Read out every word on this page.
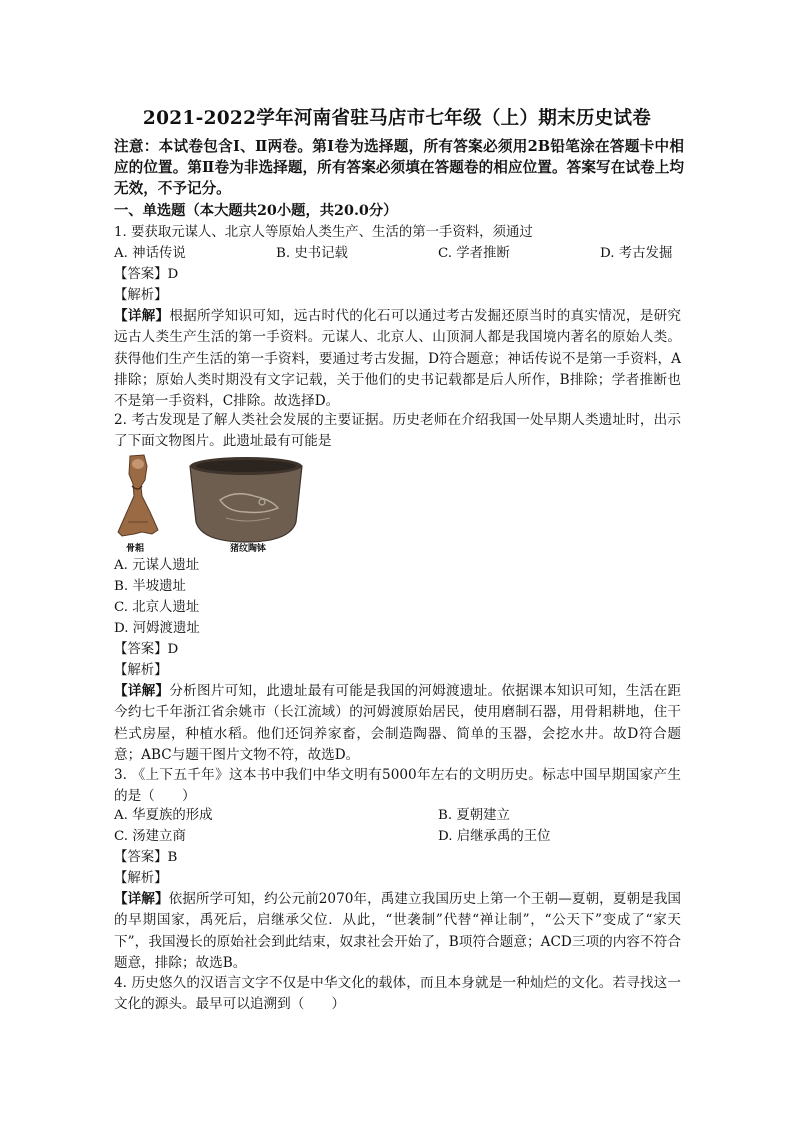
2021-2022学年河南省驻马店市七年级（上）期末历史试卷
注意：本试卷包含Ⅰ、Ⅱ两卷。第Ⅰ卷为选择题，所有答案必须用2B铅笔涂在答题卡中相应的位置。第Ⅱ卷为非选择题，所有答案必须填在答题卷的相应位置。答案写在试卷上均无效，不予记分。
一、单选题（本大题共20小题，共20.0分）
1. 要获取元谋人、北京人等原始人类生产、生活的第一手资料，须通过
A. 神话传说	B. 史书记载	C. 学者推断	D. 考古发掘
【答案】D
【解析】
【详解】根据所学知识可知，远古时代的化石可以通过考古发掘还原当时的真实情况，是研究远古人类生产生活的第一手资料。元谋人、北京人、山顶洞人都是我国境内著名的原始人类。获得他们生产生活的第一手资料，要通过考古发掘，D符合题意；神话传说不是第一手资料，A排除；原始人类时期没有文字记载，关于他们的史书记载都是后人所作，B排除；学者推断也不是第一手资料，C排除。故选择D。
2. 考古发现是了解人类社会发展的主要证据。历史老师在介绍我国一处早期人类遗址时，出示了下面文物图片。此遗址最有可能是
骨耜	猪纹陶钵
A. 元谋人遗址
B. 半坡遗址
C. 北京人遗址
D. 河姆渡遗址
【答案】D
【解析】
【详解】分析图片可知，此遗址最有可能是我国的河姆渡遗址。依据课本知识可知，生活在距今约七千年浙江省余姚市（长江流域）的河姆渡原始居民，使用磨制石器，用骨耜耕地，住干栏式房屋，种植水稻。他们还饲养家畜，会制造陶器、简单的玉器，会挖水井。故D符合题意；ABC与题干图片文物不符，故选D。
3. 《上下五千年》这本书中我们中华文明有5000年左右的文明历史。标志中国早期国家产生的是（　　）
A. 华夏族的形成	B. 夏朝建立
C. 汤建立商	D. 启继承禹的王位
【答案】B
【解析】
【详解】依据所学可知，约公元前2070年，禹建立我国历史上第一个王朝—夏朝，夏朝是我国的早期国家，禹死后，启继承父位．从此，“世袭制”代替“禅让制”，“公天下”变成了“家天下”，我国漫长的原始社会到此结束，奴隶社会开始了，B项符合题意；ACD三项的内容不符合题意，排除；故选B。
4. 历史悠久的汉语言文字不仅是中华文化的载体，而且本身就是一种灿烂的文化。若寻找这一文化的源头。最早可以追溯到（　　）
